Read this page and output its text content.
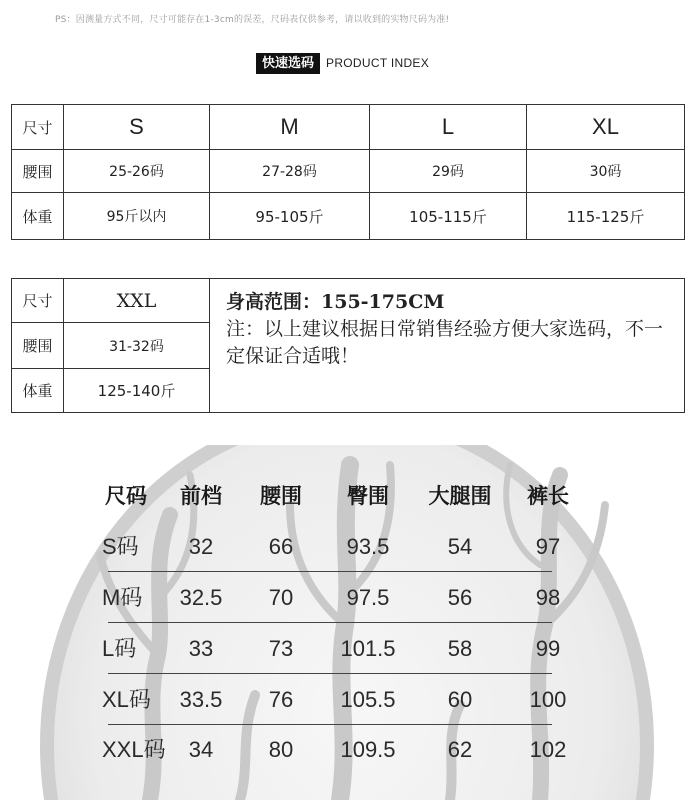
PS：因测量方式不同，尺寸可能存在1-3cm的误差，尺码表仅供参考，请以收到的实物尺码为准!
快速选码	PRODUCT INDEX
尺寸	S	M	L	XL
腰围	25-26码	27-28码	29码	30码
体重	95斤以内	95-105斤	105-115斤	115-125斤
尺寸	XXL	身高范围：155-175CM
注：以上建议根据日常销售经验方便大家选码，不一定保证合适哦！

腰围	31-32码	
体重	125-140斤	
尺码	前档	腰围	臀围	大腿围	裤长
S码	32	66	93.5	54	97
M码	32.5	70	97.5	56	98
L码	33	73	101.5	58	99
XL码	33.5	76	105.5	60	100
XXL码	34	80	109.5	62	102
